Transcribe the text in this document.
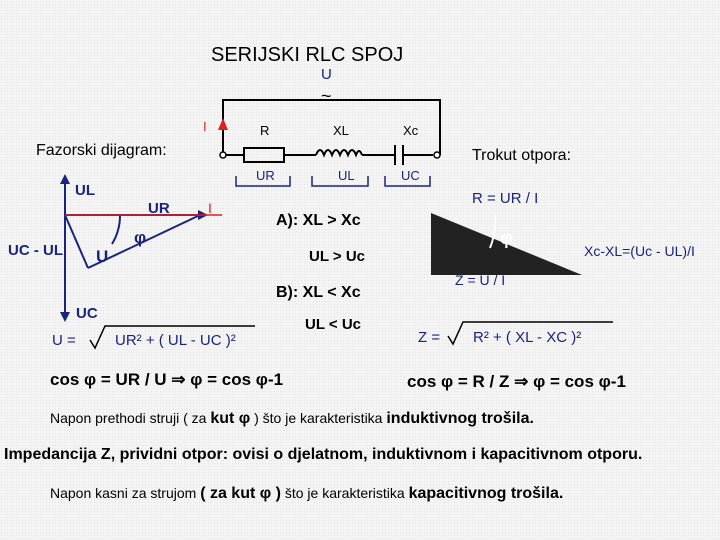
SERIJSKI RLC SPOJ
Fazorski dijagram:	Trokut otpora:
U
~
I	R	XL	Xc
UR	UL	UC
UL
UR	I
UC - UL
φ
U
UC
U =	UR² + ( UL - UC )²
A): XL > Xc
UL > Uc
B): XL < Xc
UL < Uc
R = UR / I
φ
Xc-XL=(Uc - UL)/I
Z = U / I
Z = R² + ( XL - XC )²
cos φ = UR / U ⇒ φ = cos φ-1	cos φ = R / Z ⇒ φ = cos φ-1
Napon prethodi struji ( za kut φ ) što je karakteristika induktivnog trošila.
Impedancija Z, prividni otpor: ovisi o djelatnom, induktivnom i kapacitivnom otporu.
Napon kasni za strujom ( za kut φ ) što je karakteristika kapacitivnog trošila.
